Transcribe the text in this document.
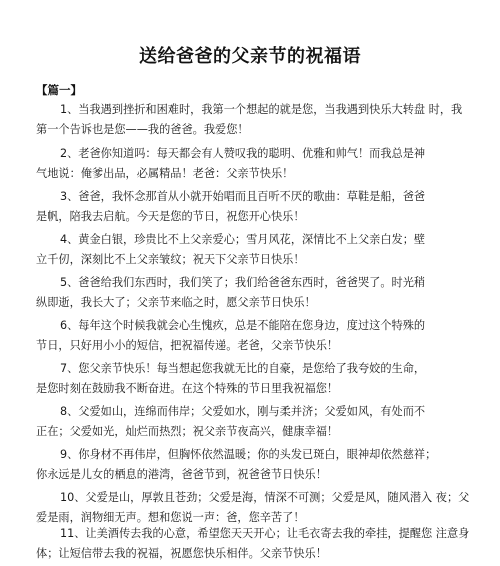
送给爸爸的父亲节的祝福语
【篇一】
1、当我遇到挫折和困难时，我第一个想起的就是您，当我遇到快乐大转盘 时，我
第一个告诉也是您——我的爸爸。我爱您！
2、老爸你知道吗：每天都会有人赞叹我的聪明、优雅和帅气！而我总是神
气地说：俺爹出品，必属精品！老爸：父亲节快乐！
3、爸爸，我怀念那首从小就开始唱而且百听不厌的歌曲：草鞋是船，爸爸
是帆，陪我去启航。今天是您的节日，祝您开心快乐！
4、黄金白银，珍贵比不上父亲爱心；雪月风花，深情比不上父亲白发；壁
立千仞，深刻比不上父亲皱纹；祝天下父亲节日快乐！
5、爸爸给我们东西时，我们笑了；我们给爸爸东西时，爸爸哭了。时光稍
纵即逝，我长大了；父亲节来临之时，愿父亲节日快乐！
6、每年这个时候我就会心生愧疚，总是不能陪在您身边，度过这个特殊的
节日，只好用小小的短信，把祝福传递。老爸，父亲节快乐！
7、您父亲节快乐！每当想起您我就无比的自豪，是您给了我夸姣的生命，
是您时刻在鼓励我不断奋进。在这个特殊的节日里我祝福您！
8、父爱如山，连绵而伟岸；父爱如水，刚与柔并济；父爱如风，有处而不
正在；父爱如光，灿烂而热烈；祝父亲节夜高兴，健康幸福！
9、你身材不再伟岸，但胸怀依然温暖；你的头发已斑白，眼神却依然慈祥；
你永远是儿女的栖息的港湾，爸爸节到，祝爸爸节日快乐！
10、父爱是山，厚敦且苍劲；父爱是海，情深不可测；父爱是风，随风潜入 夜；父
爱是雨，润物细无声。想和您说一声：爸，您辛苦了！
11、让美酒传去我的心意，希望您天天开心；让毛衣寄去我的牵挂，提醒您 注意身
体；让短信带去我的祝福，祝愿您快乐相伴。父亲节快乐！
